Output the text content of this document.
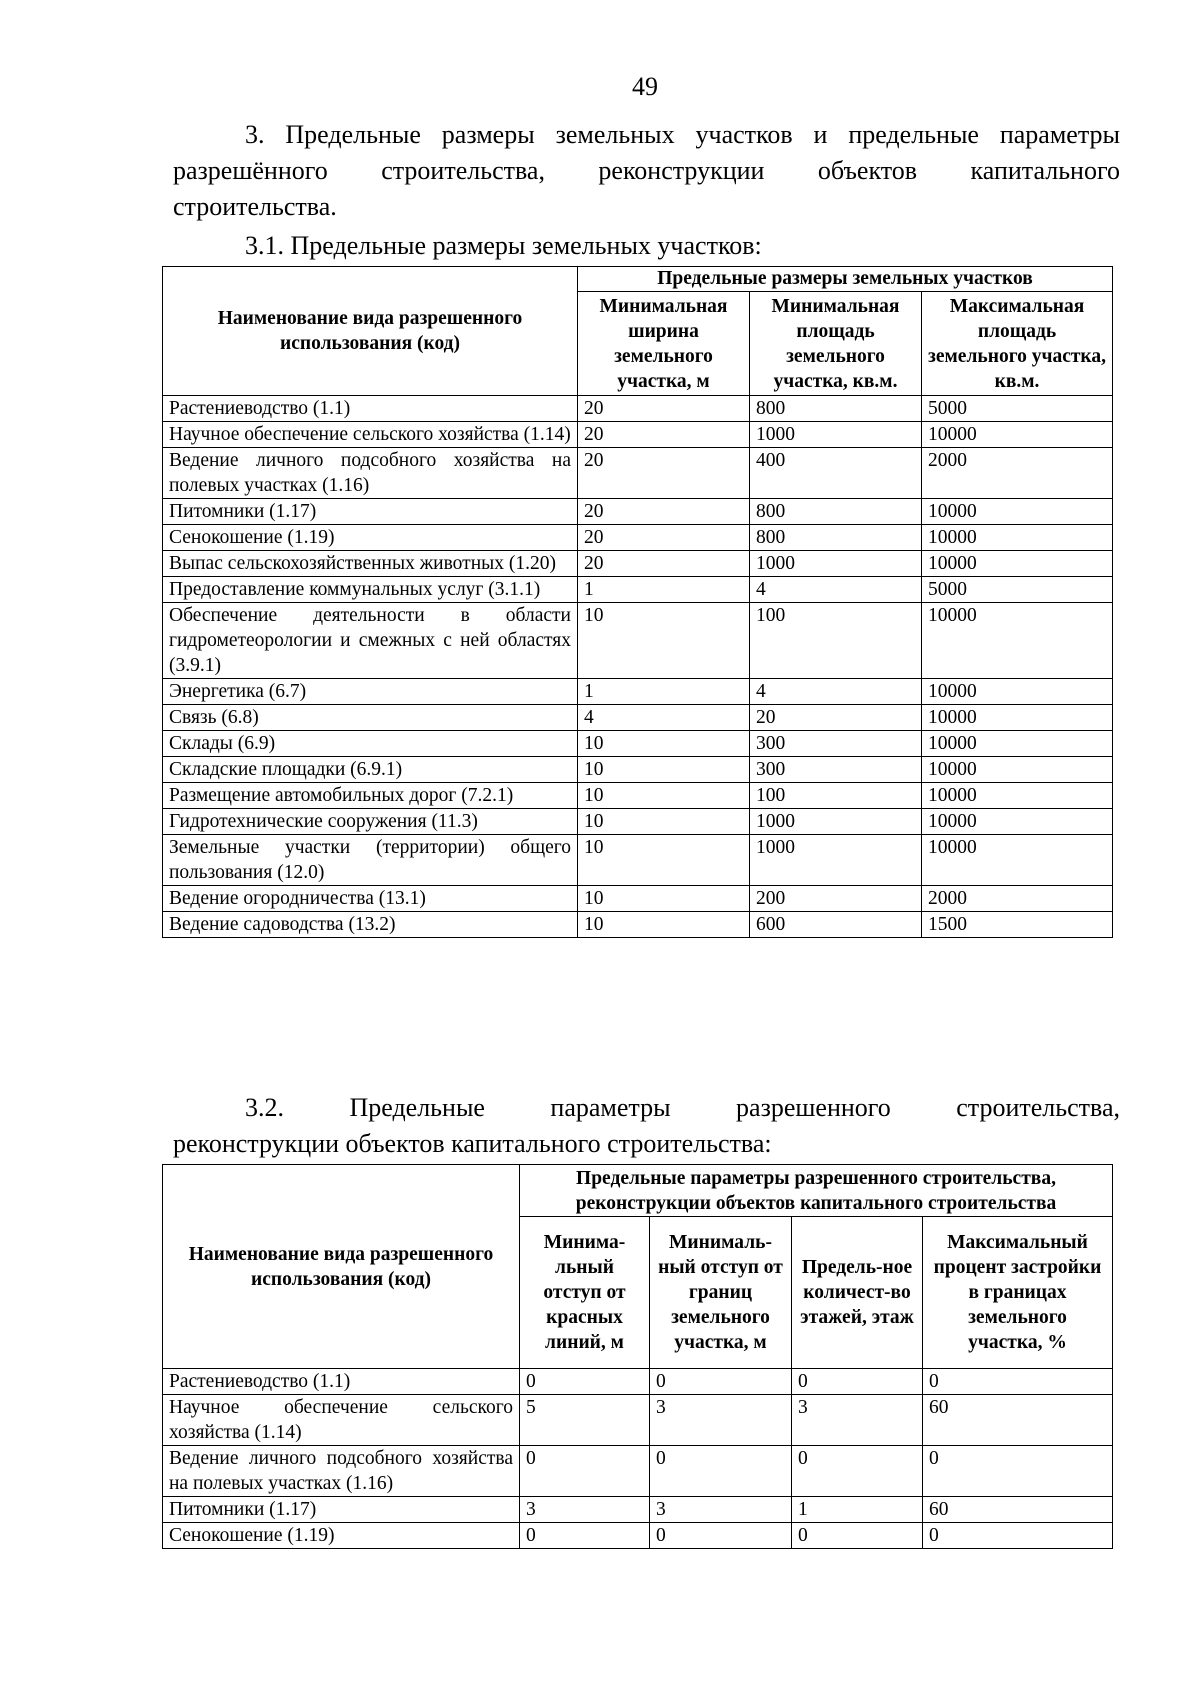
49
3. Предельные размеры земельных участков и предельные параметры
разрешённого строительства, реконструкции объектов капитального
строительства.
3.1. Предельные размеры земельных участков:
Наименование вида разрешенного использования (код)	Предельные размеры земельных участков		
	Минимальная ширина земельного участка, м	Минимальная площадь земельного участка, кв.м.	Максимальная площадь земельного участка, кв.м.
Растениеводство (1.1)	20	800	5000
Научное обеспечение сельского хозяйства (1.14)	20	1000	10000
Ведение личного подсобного хозяйства на полевых участках (1.16)	20	400	2000
Питомники (1.17)	20	800	10000
Сенокошение (1.19)	20	800	10000
Выпас сельскохозяйственных животных (1.20)	20	1000	10000
Предоставление коммунальных услуг (3.1.1)	1	4	5000
Обеспечение деятельности в области гидрометеорологии и смежных с ней областях (3.9.1)	10	100	10000
Энергетика (6.7)	1	4	10000
Связь (6.8)	4	20	10000
Склады (6.9)	10	300	10000
Складские площадки (6.9.1)	10	300	10000
Размещение автомобильных дорог (7.2.1)	10	100	10000
Гидротехнические сооружения (11.3)	10	1000	10000
Земельные участки (территории) общего пользования (12.0)	10	1000	10000
Ведение огородничества (13.1)	10	200	2000
Ведение садоводства (13.2)	10	600	1500
3.2. Предельные параметры разрешенного строительства,
реконструкции объектов капитального строительства:
Наименование вида разрешенного использования (код)	Предельные параметры разрешенного строительства, реконструкции объектов капитального строительства			
	Минима-льный отступ от красных линий, м	Минималь-ный отступ от границ земельного участка, м	Предель-ное количест-во этажей, этаж	Максимальный процент застройки в границах земельного участка, %
Растениеводство (1.1)	0	0	0	0
Научное обеспечение сельского хозяйства (1.14)	5	3	3	60
Ведение личного подсобного хозяйства на полевых участках (1.16)	0	0	0	0
Питомники (1.17)	3	3	1	60
Сенокошение (1.19)	0	0	0	0
